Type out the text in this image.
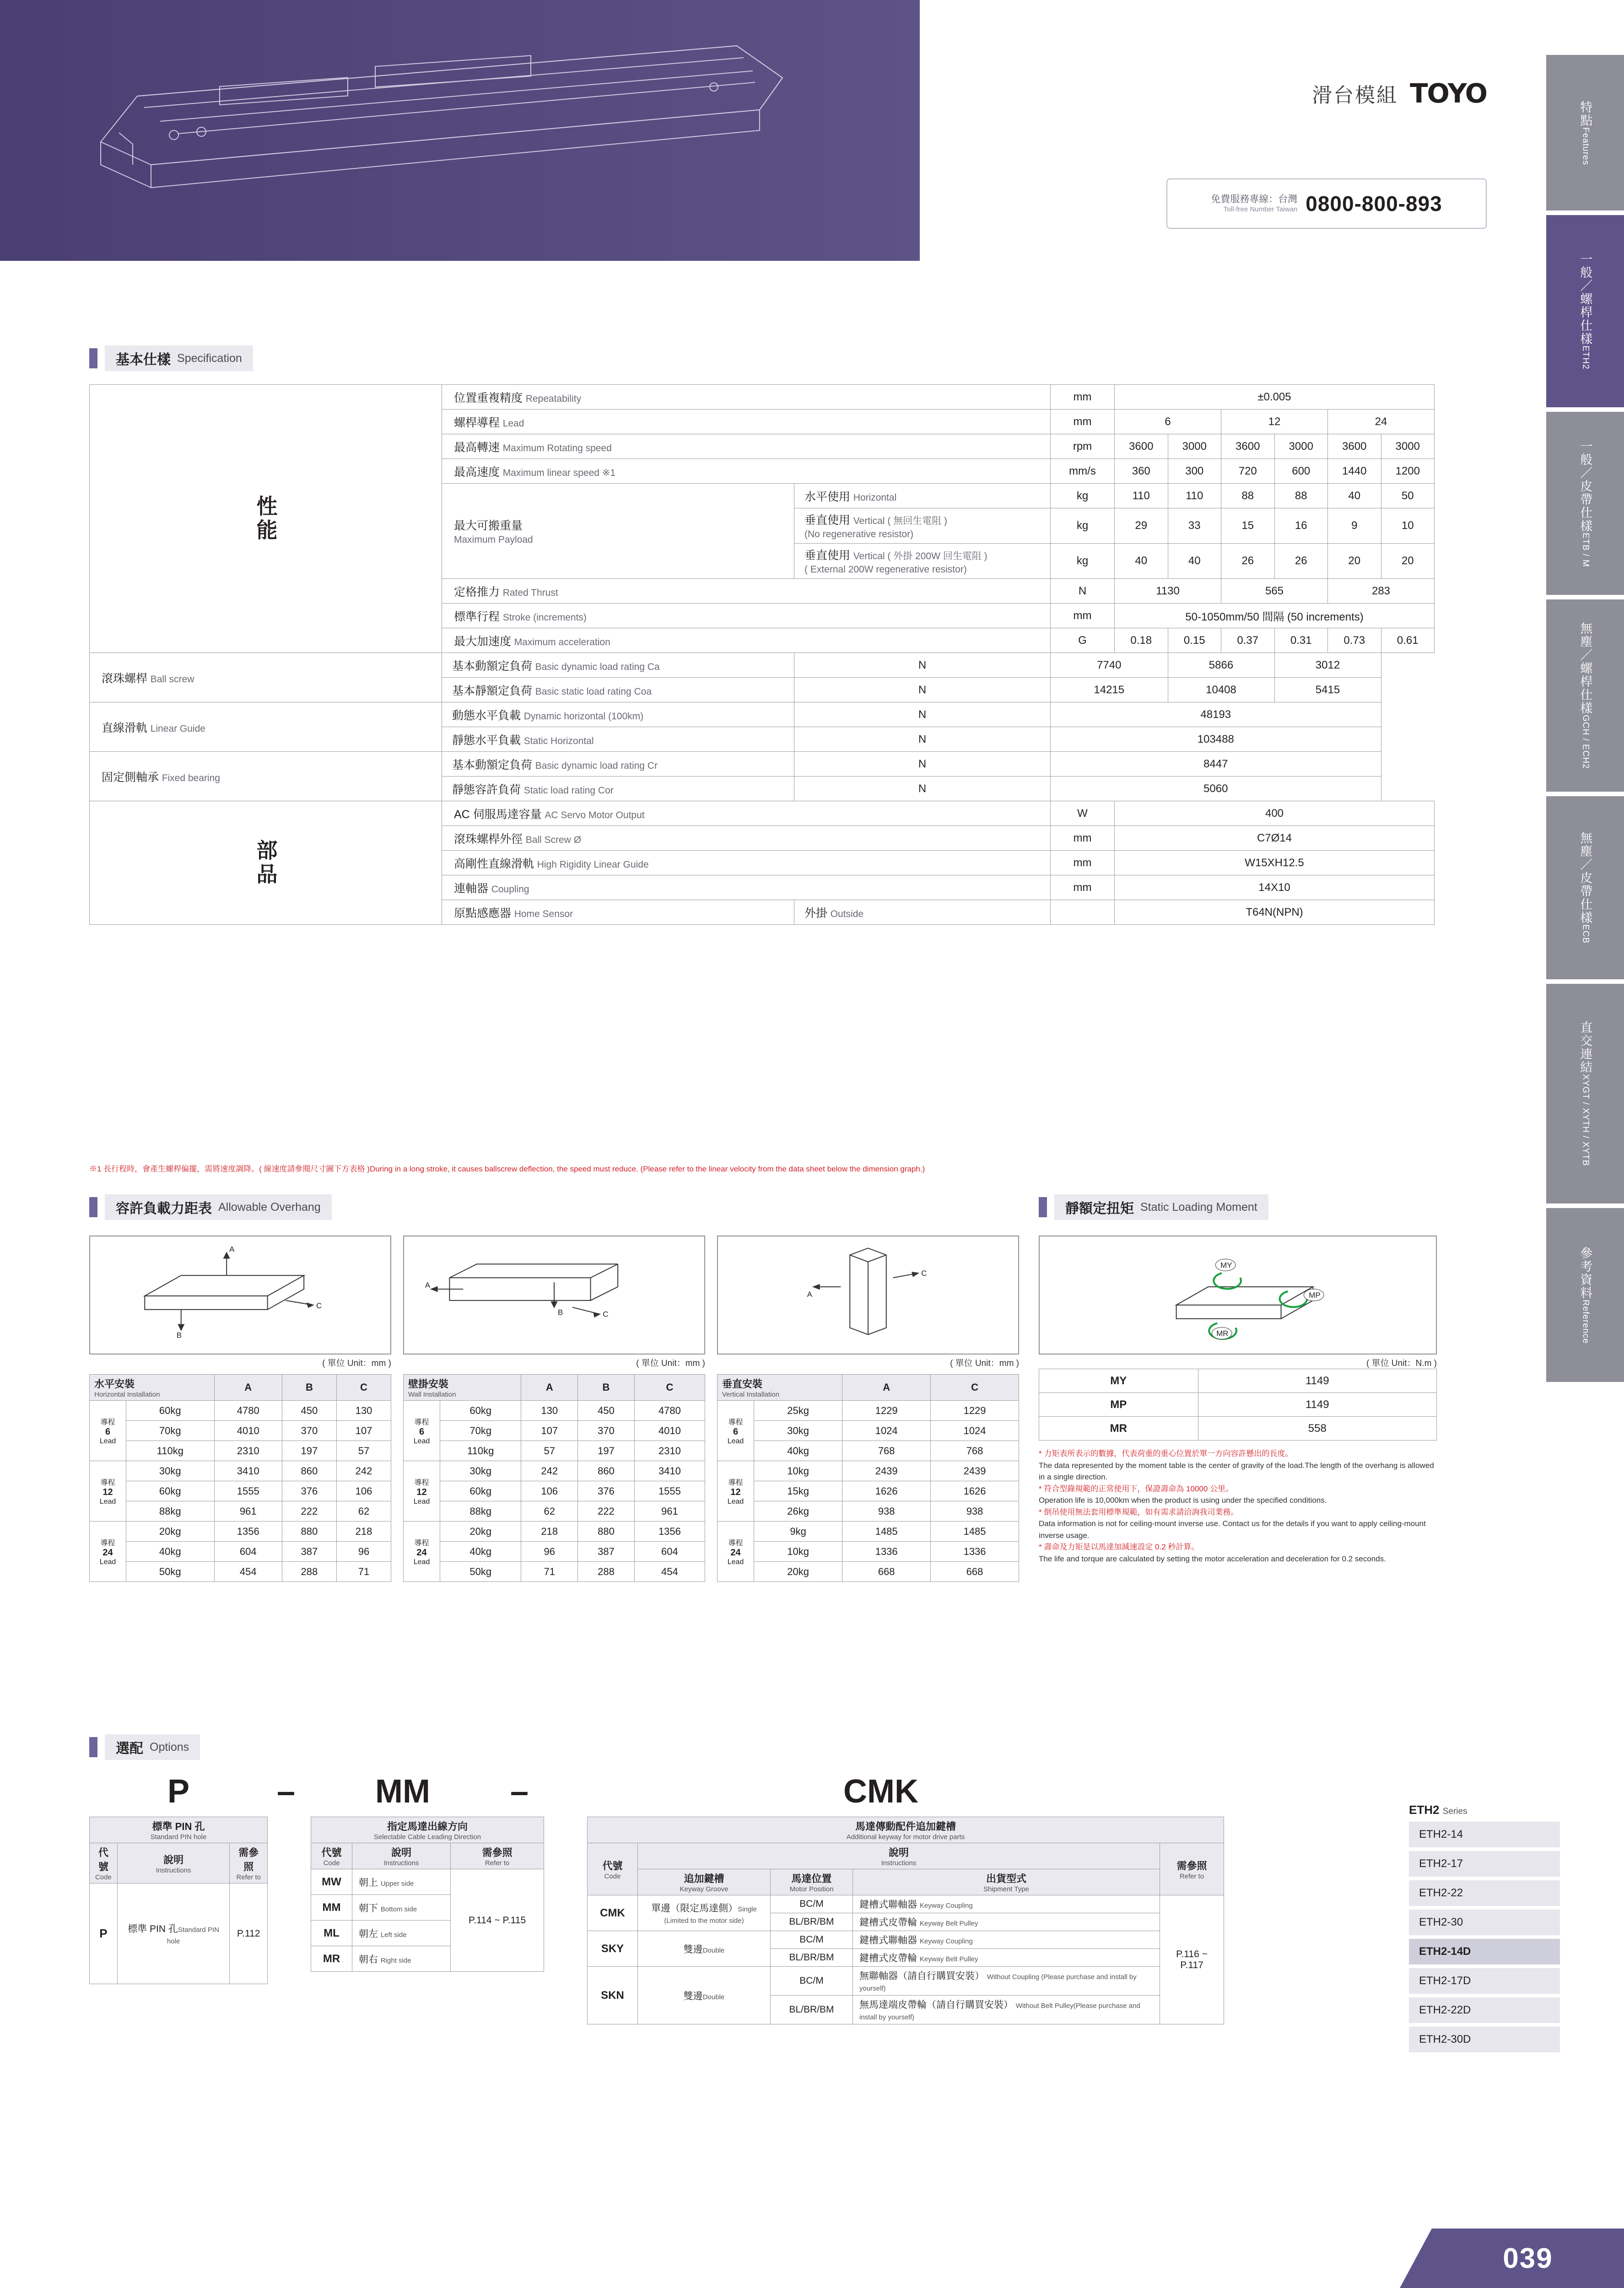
滑台模組 TOYO
免費服務專線：台灣
Toll-free Number Taiwan 0800-800-893
特點
Features
一般／螺桿仕樣
ETH2
一般／皮帶仕樣
ETB / M
無塵／螺桿仕樣
GCH / ECH2
無塵／皮帶仕樣
ECB
直交連結
XYGT / XYTH / XYTB
參考資料
Reference
基本仕樣 Specification
性能	位置重複精度 Repeatability		mm	±0.005					
	螺桿導程 Lead		mm	6		12		24	
	最高轉速 Maximum Rotating speed		rpm	3600	3000	3600	3000	3600	3000
	最高速度 Maximum linear speed ※1		mm/s	360	300	720	600	1440	1200
	最大可搬重量
Maximum Payload	水平使用 Horizontal	kg	110	110	88	88	40	50
		垂直使用 Vertical ( 無回生電阻 )
(No regenerative resistor)	kg	29	33	15	16	9	10
		垂直使用 Vertical ( 外掛 200W 回生電阻 )
( External 200W regenerative resistor)	kg	40	40	26	26	20	20
	定格推力 Rated Thrust		N	1130		565		283	
	標準行程 Stroke (increments)		mm	50-1050mm/50 間隔 (50 increments)					
	最大加速度 Maximum acceleration		G	0.18	0.15	0.37	0.31	0.73	0.61
滾珠螺桿 Ball screw	基本動額定負荷 Basic dynamic load rating Ca	N	7740		5866		3012		
	基本靜額定負荷 Basic static load rating Coa	N	14215		10408		5415		
直線滑軌 Linear Guide	動態水平負載 Dynamic horizontal (100km)	N	48193						
	靜態水平負載 Static Horizontal	N	103488						
固定側軸承 Fixed bearing	基本動額定負荷 Basic dynamic load rating Cr	N	8447						
	靜態容許負荷 Static load rating Cor	N	5060						

部品	AC 伺服馬達容量 AC Servo Motor Output		W	400					
	滾珠螺桿外徑 Ball Screw Ø		mm	C7Ø14					
	高剛性直線滑軌 High Rigidity Linear Guide		mm	W15XH12.5					
	連軸器 Coupling		mm	14X10					
	原點感應器 Home Sensor	外掛 Outside		T64N(NPN)					
※1 長行程時，會產生螺桿偏擺，需將速度調降。( 線速度請參閱尺寸圖下方表格 )During in a long stroke, it causes ballscrew deflection, the speed must reduce. (Please refer to the linear velocity from the data sheet below the dimension graph.)
容許負載力距表 Allowable Overhang
A
B
C
( 單位 Unit：mm )
A
B	C
( 單位 Unit：mm )
A
C
( 單位 Unit：mm )
水平安裝
Horizontal Installation		A	B	C
導程
6
Lead	60kg	4780	450	130
	70kg	4010	370	107
	110kg	2310	197	57
導程
12
Lead	30kg	3410	860	242
	60kg	1555	376	106
	88kg	961	222	62
導程
24
Lead	20kg	1356	880	218
	40kg	604	387	96
	50kg	454	288	71
壁掛安裝
Wall Installation		A	B	C
導程
6
Lead	60kg	130	450	4780
	70kg	107	370	4010
	110kg	57	197	2310
導程
12
Lead	30kg	242	860	3410
	60kg	106	376	1555
	88kg	62	222	961
導程
24
Lead	20kg	218	880	1356
	40kg	96	387	604
	50kg	71	288	454
垂直安裝
Vertical Installation		A	C
導程
6
Lead	25kg	1229	1229
	30kg	1024	1024
	40kg	768	768
導程
12
Lead	10kg	2439	2439
	15kg	1626	1626
	26kg	938	938
導程
24
Lead	9kg	1485	1485
	10kg	1336	1336
	20kg	668	668
靜額定扭矩 Static Loading Moment
MY
MP
MR
( 單位 Unit：N.m )
MY	1149
MP	1149
MR	558
* 力矩表所表示的數據，代表荷重的重心位置於單一方向容許懸出的長度。
The data represented by the moment table is the center of gravity of the load.The length of the overhang is allowed in a single direction.
* 符合型錄規範的正常使用下，保證壽命為 10000 公里。
Operation life is 10,000km when the product is using under the specified conditions.
* 倒吊使用無法套用標準規範，如有需求請洽詢我司業務。
Data information is not for ceiling-mount inverse use. Contact us for the details if you want to apply ceiling-mount inverse usage.
* 壽命及力矩是以馬達加減速設定 0.2 秒計算。
The life and torque are calculated by setting the motor acceleration and deceleration for 0.2 seconds.
選配 Options
P	–	MM	–	CMK
標準 PIN 孔
Standard PIN hole		

代號
Code	說明
Instructions	需參照
Refer to

P	標準 PIN 孔Standard PIN hole	P.112
指定馬達出線方向
Selectable Cable Leading Direction		

代號
Code	說明
Instructions	需參照
Refer to

MW	朝上 Upper side	P.114 ~ P.115
MM	朝下 Bottom side	
ML	朝左 Left side	
MR	朝右 Right side	
馬達傳動配件追加鍵槽
Additional keyway for motor drive parts				

代號
Code	說明
Instructions			需參照
Refer to

	追加鍵槽
Keyway Groove	馬達位置
Motor Position	出貨型式
Shipment Type	

CMK	單邊（限定馬達側）Single (Limited to the motor side)	BC/M	鍵槽式聯軸器 Keyway Coupling	P.116 ~ P.117
		BL/BR/BM	鍵槽式皮帶輪 Keyway Belt Pulley	
SKY	雙邊Double	BC/M	鍵槽式聯軸器 Keyway Coupling	
		BL/BR/BM	鍵槽式皮帶輪 Keyway Belt Pulley	
SKN	雙邊Double	BC/M	無聯軸器（請自行購買安裝） Without Coupling (Please purchase and install by yourself)	
		BL/BR/BM	無馬達端皮帶輪（請自行購買安裝） Without Belt Pulley(Please purchase and install by yourself)	
ETH2 Series
ETH2-14
ETH2-17
ETH2-22
ETH2-30
ETH2-14D
ETH2-17D
ETH2-22D
ETH2-30D
039
